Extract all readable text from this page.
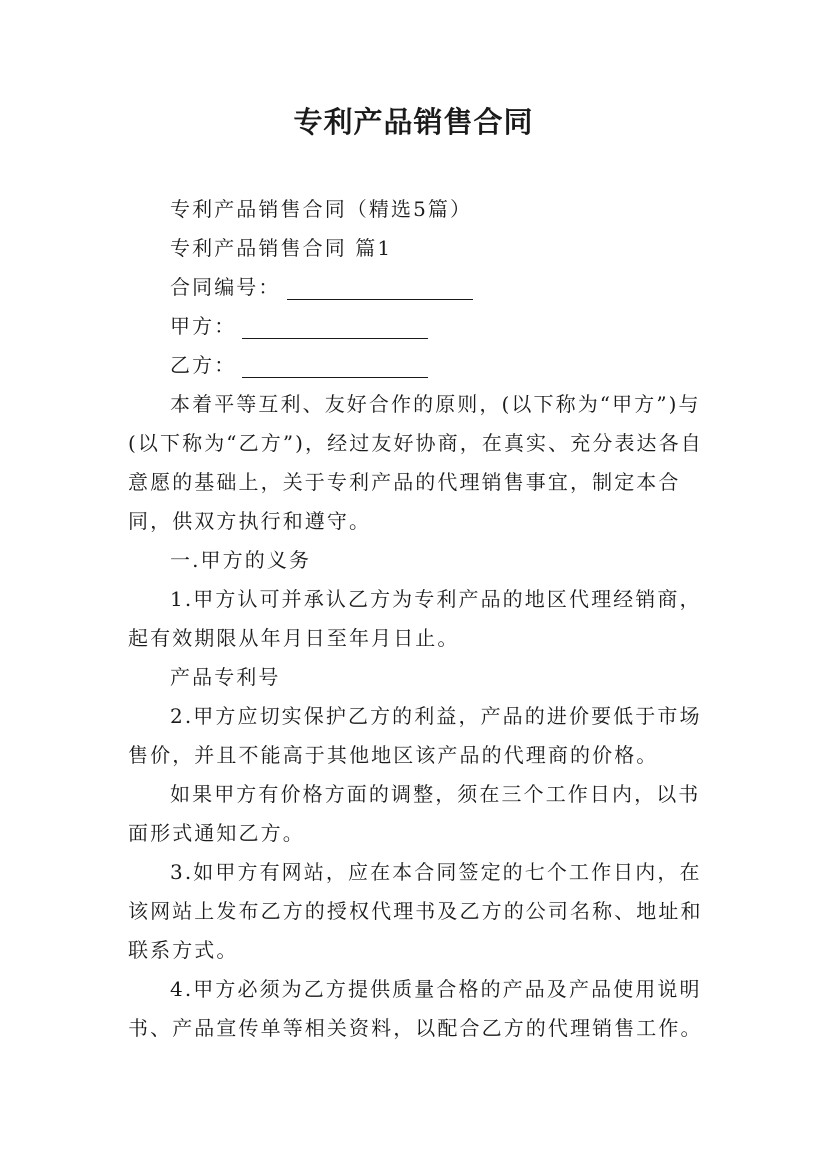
专利产品销售合同

专利产品销售合同（精选5篇）

专利产品销售合同 篇1

合同编号：

甲方：

乙方：

本着平等互利、友好合作的原则，(以下称为“甲方”)与(以下称为“乙方”)，经过友好协商，在真实、充分表达各自意愿的基础上，关于专利产品的代理销售事宜，制定本合同，供双方执行和遵守。

一.甲方的义务

1.甲方认可并承认乙方为专利产品的地区代理经销商，起有效期限从年月日至年月日止。

产品专利号

2.甲方应切实保护乙方的利益，产品的进价要低于市场售价，并且不能高于其他地区该产品的代理商的价格。

如果甲方有价格方面的调整，须在三个工作日内，以书面形式通知乙方。

3.如甲方有网站，应在本合同签定的七个工作日内，在该网站上发布乙方的授权代理书及乙方的公司名称、地址和联系方式。

4.甲方必须为乙方提供质量合格的产品及产品使用说明书、产品宣传单等相关资料，以配合乙方的代理销售工作。
